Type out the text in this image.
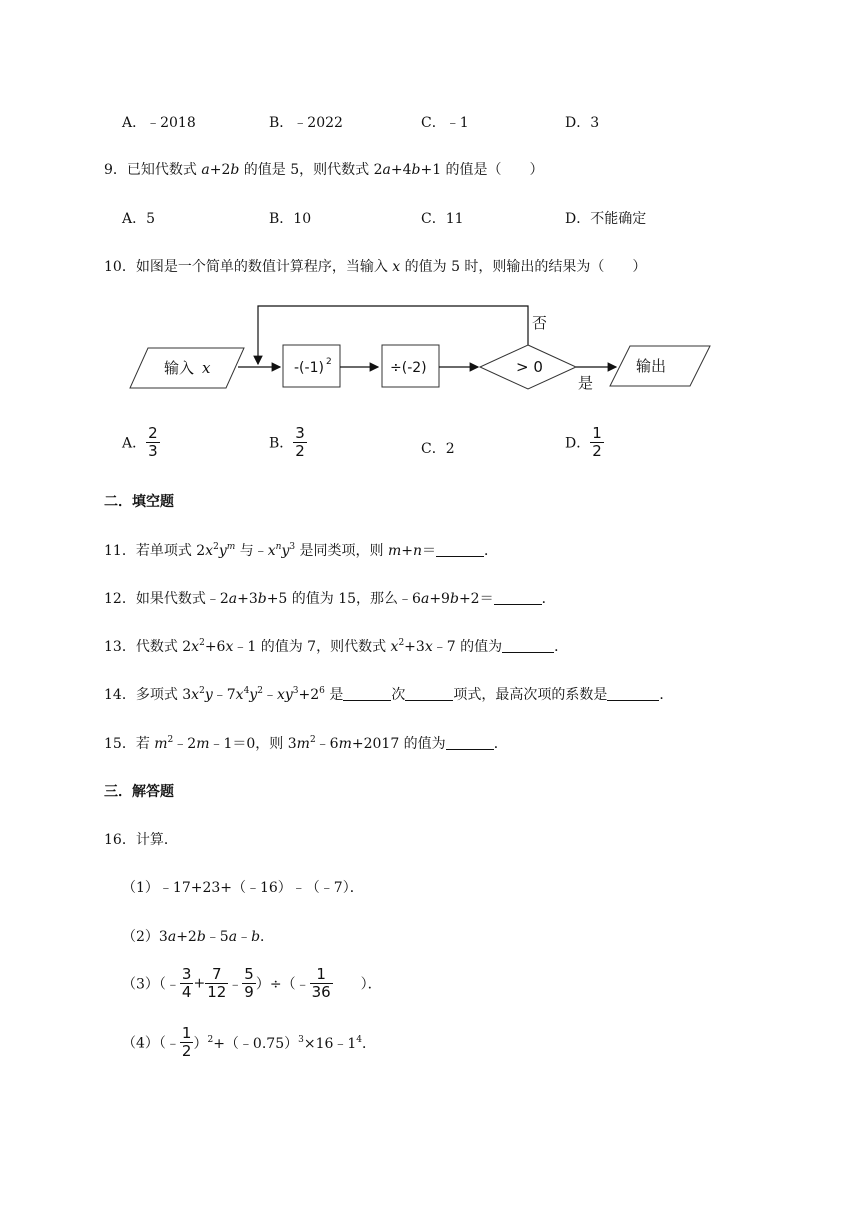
A．﹣2018	B．﹣2022	C．﹣1	D．3
9．已知代数式 a+2b 的值是 5，则代数式 2a+4b+1 的值是（　　）
A．5	B．10	C．11	D．不能确定
10．如图是一个简单的数值计算程序，当输入 x 的值为 5 时，则输出的结果为（　　）
输入 x	-(-1) 2	÷(-2)	> 0
否
是
输出
A． $\frac{2}{3}$	B． $\frac{3}{2}$	C．2	D． $\frac{1}{2}$
二．填空题
11．若单项式 $2x^2y^m$ 与$﹣x^ny^3$ 是同类项，则 m+n＝	．
12．如果代数式﹣2a+3b+5 的值为 15，那么﹣6a+9b+2＝	．
13．代数式 $2x^2+6x﹣1$ 的值为 7，则代数式 $x^2+3x﹣7$ 的值为	．
14．多项式 $3x^2y﹣7x^4y^2﹣xy^3+2^6$ 是	次	项式，最高次项的系数是	．
15．若 $m^2﹣2m﹣1=0$，则 $3m^2﹣6m+2017$ 的值为	．
三．解答题
16．计算．
（1）﹣17+23+（﹣16）﹣（﹣7）．
（2）3a+2b﹣5a﹣b．
（3）（﹣ $\frac{3}{4} + \frac{7}{12}$ ﹣ $\frac{5}{9}$ ）÷（﹣ $\frac{1}{36}$ 　　）．
（4）（﹣ $\frac{1}{2}$ ）$^2+(﹣0.75)^3\times 16﹣1^4$．
